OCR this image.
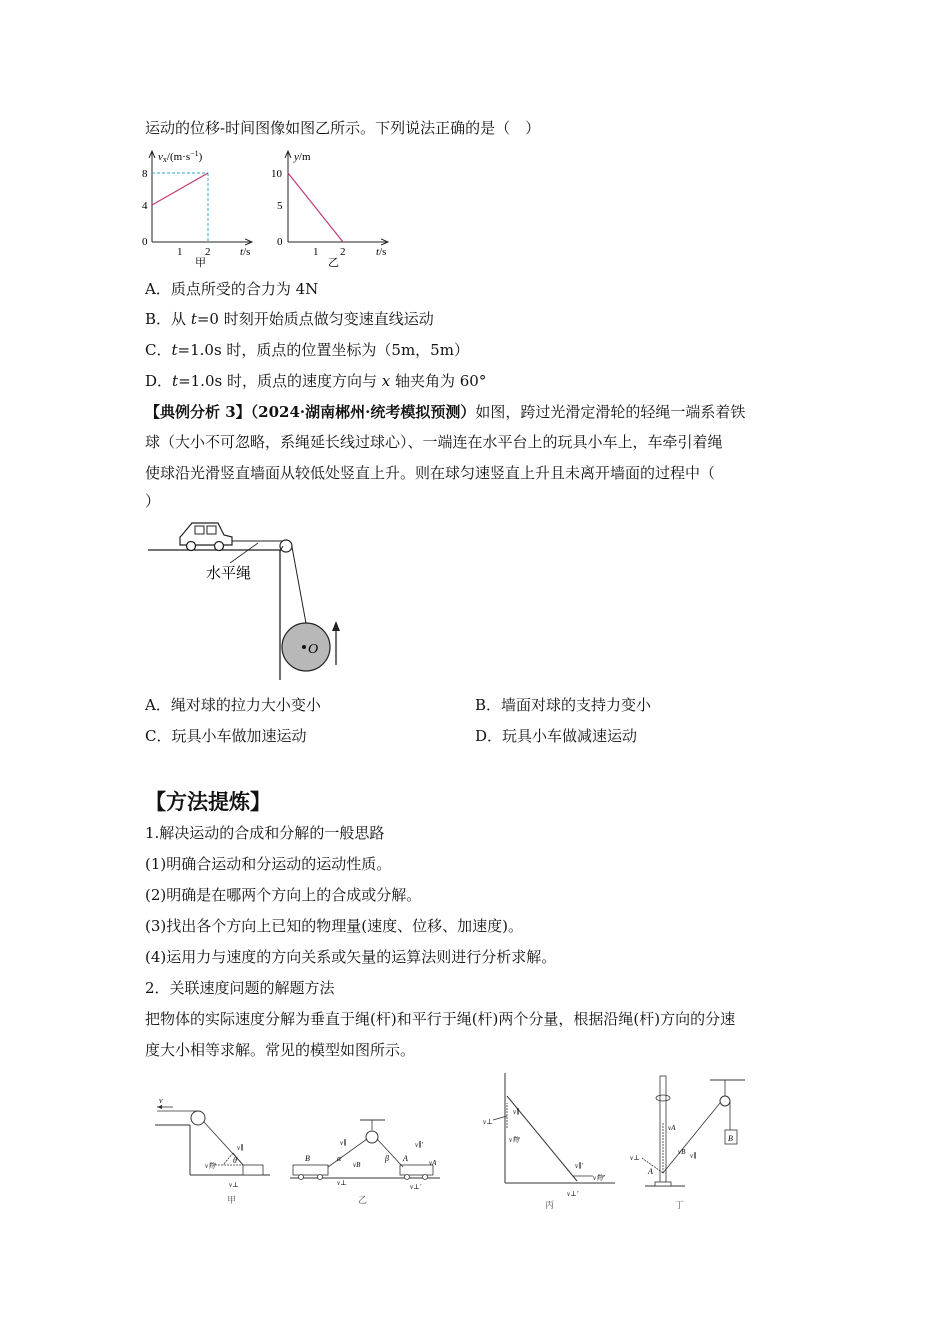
运动的位移-时间图像如图乙所示。下列说法正确的是（　）
$vx/(m\cdot s^{-1})$
8
4
0
1 2	t/s
甲
y/m
10
5
0
1 2	t/s
乙
A．质点所受的合力为 4N
B．从 t=0 时刻开始质点做匀变速直线运动
C．t=1.0s 时，质点的位置坐标为（5m，5m）
D．t=1.0s 时，质点的速度方向与 x 轴夹角为 60°
【典例分析 3】（2024·湖南郴州·统考模拟预测）如图，跨过光滑定滑轮的轻绳一端系着铁
球（大小不可忽略，系绳延长线过球心）、一端连在水平台上的玩具小车上，车牵引着绳
使球沿光滑竖直墙面从较低处竖直上升。则在球匀速竖直上升且未离开墙面的过程中（
）
O
水平绳
A．绳对球的拉力大小变小	B．墙面对球的支持力变小
C．玩具小车做加速运动	D．玩具小车做减速运动
【方法提炼】
1.解决运动的合成和分解的一般思路
(1)明确合运动和分运动的运动性质。
(2)明确是在哪两个方向上的合成或分解。
(3)找出各个方向上已知的物理量(速度、位移、加速度)。
(4)运用力与速度的方向关系或矢量的运算法则进行分析求解。
2．关联速度问题的解题方法
把物体的实际速度分解为垂直于绳(杆)和平行于绳(杆)两个分量，根据沿绳(杆)方向的分速
度大小相等求解。常见的模型如图所示。
v
v∥
v物
v⊥
θ
甲
B	A
α	β
vB	vA
v∥
v⊥
v∥′
v⊥′
乙
v⊥
v∥
v物
v∥′
v⊥′
v物′
丙
B
A
vA
v⊥	v∥
vB
丁
